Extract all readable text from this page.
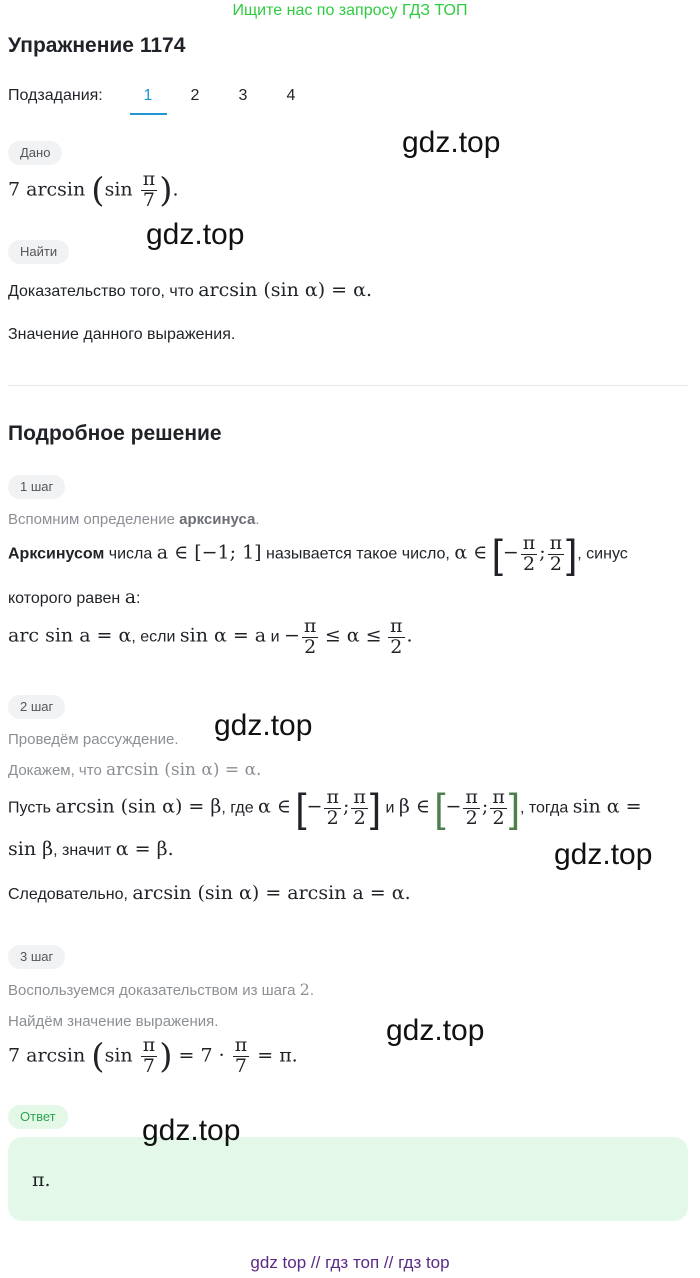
Ищите нас по запросу ГДЗ ТОП
Упражнение 1174
Подзадания:	1	2	3	4
Дано
7 $\arcsin (\sin \frac{\pi}{7}$ ).
Найти
Доказательство того, что arcsin (sin α) = α.
Значение данного выражения.
Подробное решение
1 шаг
Вспомним определение арксинуса.
Арксинусом числа a ∈ [−1; 1] называется такое число, α ∈ [− $\frac{\pi}{2}$ ; $\frac{\pi}{2}$ ], синус
которого равен a:
arc sin a = α, если sin α = a $и - \frac{\pi}{2} \le \alpha \le \frac{\pi}{2}$ .
2 шаг
Проведём рассуждение.
Докажем, что arcsin (sin α) = α.
Пусть arcsin (sin α) = β, где α ∈ [− $\frac{\pi}{2}$ ; $\frac{\pi}{2}$ ] и β ∈ [− $\frac{\pi}{2}$ ; $\frac{\pi}{2}$ ], тогда sin α =
sin β, значит α = β.
Следовательно, arcsin (sin α) = arcsin a = α.
3 шаг
Воспользуемся доказательством из шага 2.
Найдём значение выражения.
7 $\arcsin (\sin \frac{\pi}{7}$ ) = $7 \cdot \frac{\pi}{7} = \pi$.
Ответ
π.
gdz.top
gdz.top
gdz.top
gdz.top
gdz.top
gdz.top
gdz top // гдз топ // гдз top
